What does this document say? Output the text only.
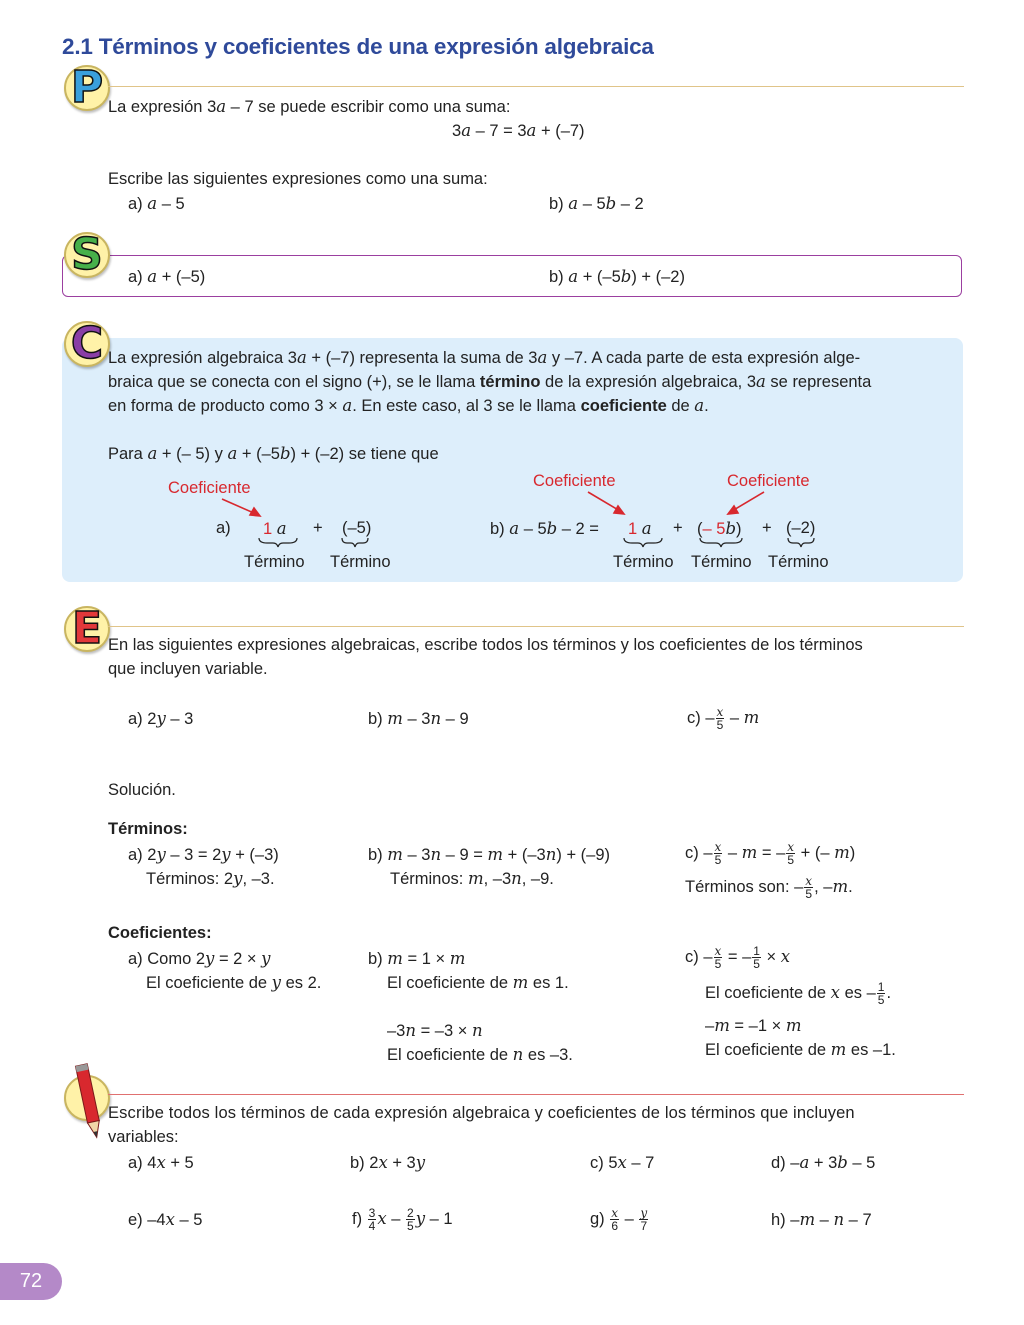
2.1 Términos y coeficientes de una expresión algebraica
P La expresión 3a – 7 se puede escribir como una suma:
3a – 7 = 3a + (–7)
Escribe las siguientes expresiones como una suma:
a) a – 5	b) a – 5b – 2
S	a) a + (–5)	b) a + (–5b) + (–2)
C La expresión algebraica 3a + (–7) representa la suma de 3a y –7. A cada parte de esta expresión alge-
braica que se conecta con el signo (+), se le llama término de la expresión algebraica, 3a se representa
en forma de producto como 3 × a. En este caso, al 3 se le llama coeficiente de a.
Para a + (– 5) y a + (–5b) + (–2) se tiene que
Coeficiente	Coeficiente	Coeficiente
a) 1 a + (–5)
Término Término
b) a – 5b – 2 = 1 a + (– 5b) + (–2)
Término Término Término
E En las siguientes expresiones algebraicas, escribe todos los términos y los coeficientes de los términos
que incluyen variable.
a) 2y – 3	b) m – 3n – 9	$c) - \frac{x}{5}$ – m
Solución.
Términos:
a) 2y – 3 = 2y + (–3)
Términos: 2y, –3.
b) m – 3n – 9 = m + (–3n) + (–9)
Términos: m, –3n, –9.
$c) - \frac{x}{5}$ – m = – $\frac{x}{5}$ + (– m)
Términos son: – $\frac{x}{5}$ , –m.
Coeficientes:
a) Como 2y = 2 × y
El coeficiente de y es 2.
b) m = 1 × m
El coeficiente de m es 1.
–3n = –3 × n
El coeficiente de n es –3.
$c) - \frac{x}{5}$ = – $\frac{1}{5} \times x$
El coeficiente de x es – $\frac{1}{5}$ .
–m = –1 × m
El coeficiente de m es –1.
Escribe todos los términos de cada expresión algebraica y coeficientes de los términos que incluyen
variables:
a) 4x + 5	b) 2x + 3y	c) 5x – 7	d) –a + 3b – 5
e) –4x – 5	$f) \frac{3}{4}$ x – $\frac{2}{5}$ y – 1	$g) \frac{x}{6} - \frac{y}{7}$	h) –m – n – 7
72
